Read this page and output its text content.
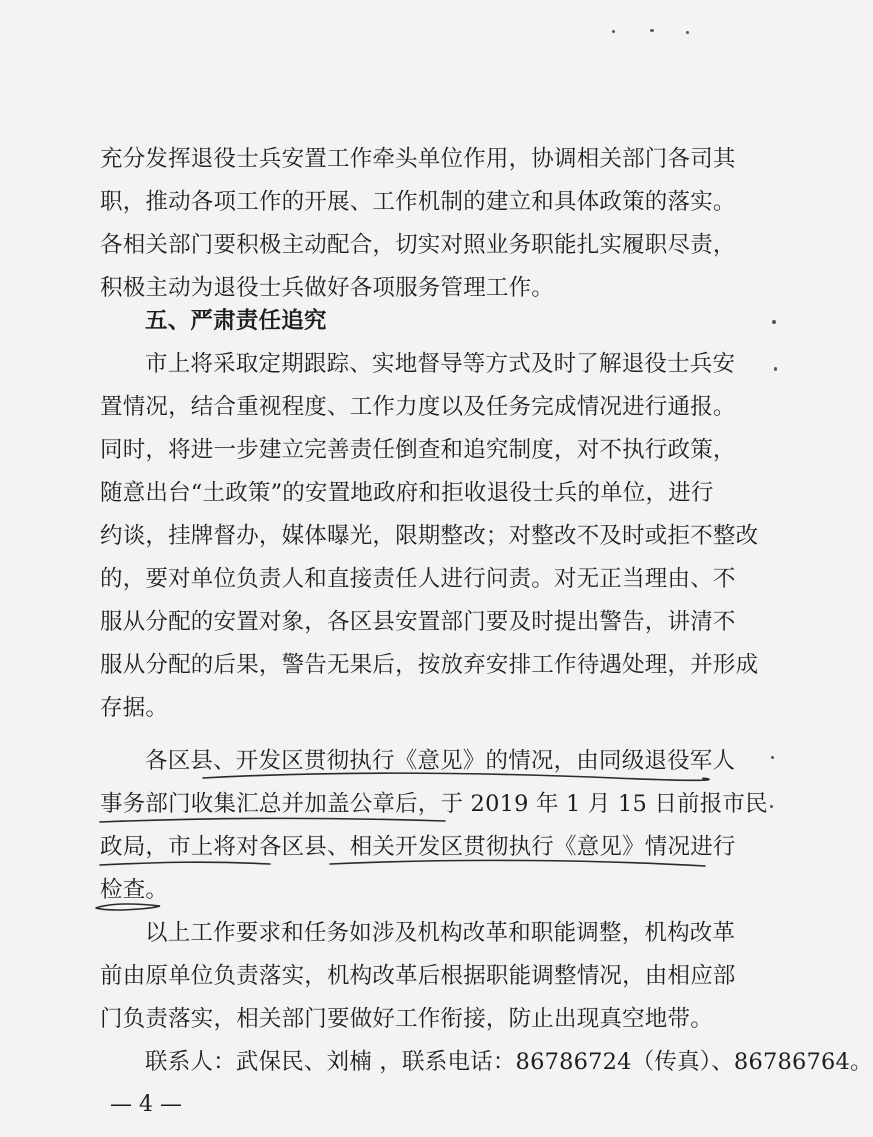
充分发挥退役士兵安置工作牵头单位作用，协调相关部门各司其
职，推动各项工作的开展、工作机制的建立和具体政策的落实。
各相关部门要积极主动配合，切实对照业务职能扎实履职尽责，
积极主动为退役士兵做好各项服务管理工作。
五、严肃责任追究
市上将采取定期跟踪、实地督导等方式及时了解退役士兵安
置情况，结合重视程度、工作力度以及任务完成情况进行通报。
同时，将进一步建立完善责任倒查和追究制度，对不执行政策，
随意出台“土政策”的安置地政府和拒收退役士兵的单位，进行
约谈，挂牌督办，媒体曝光，限期整改；对整改不及时或拒不整改
的，要对单位负责人和直接责任人进行问责。对无正当理由、不
服从分配的安置对象，各区县安置部门要及时提出警告，讲清不
服从分配的后果，警告无果后，按放弃安排工作待遇处理，并形成
存据。
各区县、开发区贯彻执行《意见》的情况，由同级退役军人
事务部门收集汇总并加盖公章后，于 2019 年 1 月 15 日前报市民
政局，市上将对各区县、相关开发区贯彻执行《意见》情况进行
检查。
以上工作要求和任务如涉及机构改革和职能调整，机构改革
前由原单位负责落实，机构改革后根据职能调整情况，由相应部
门负责落实，相关部门要做好工作衔接，防止出现真空地带。
联系人：武保民、刘楠 ，联系电话：86786724（传真）、86786764。
— 4 —
